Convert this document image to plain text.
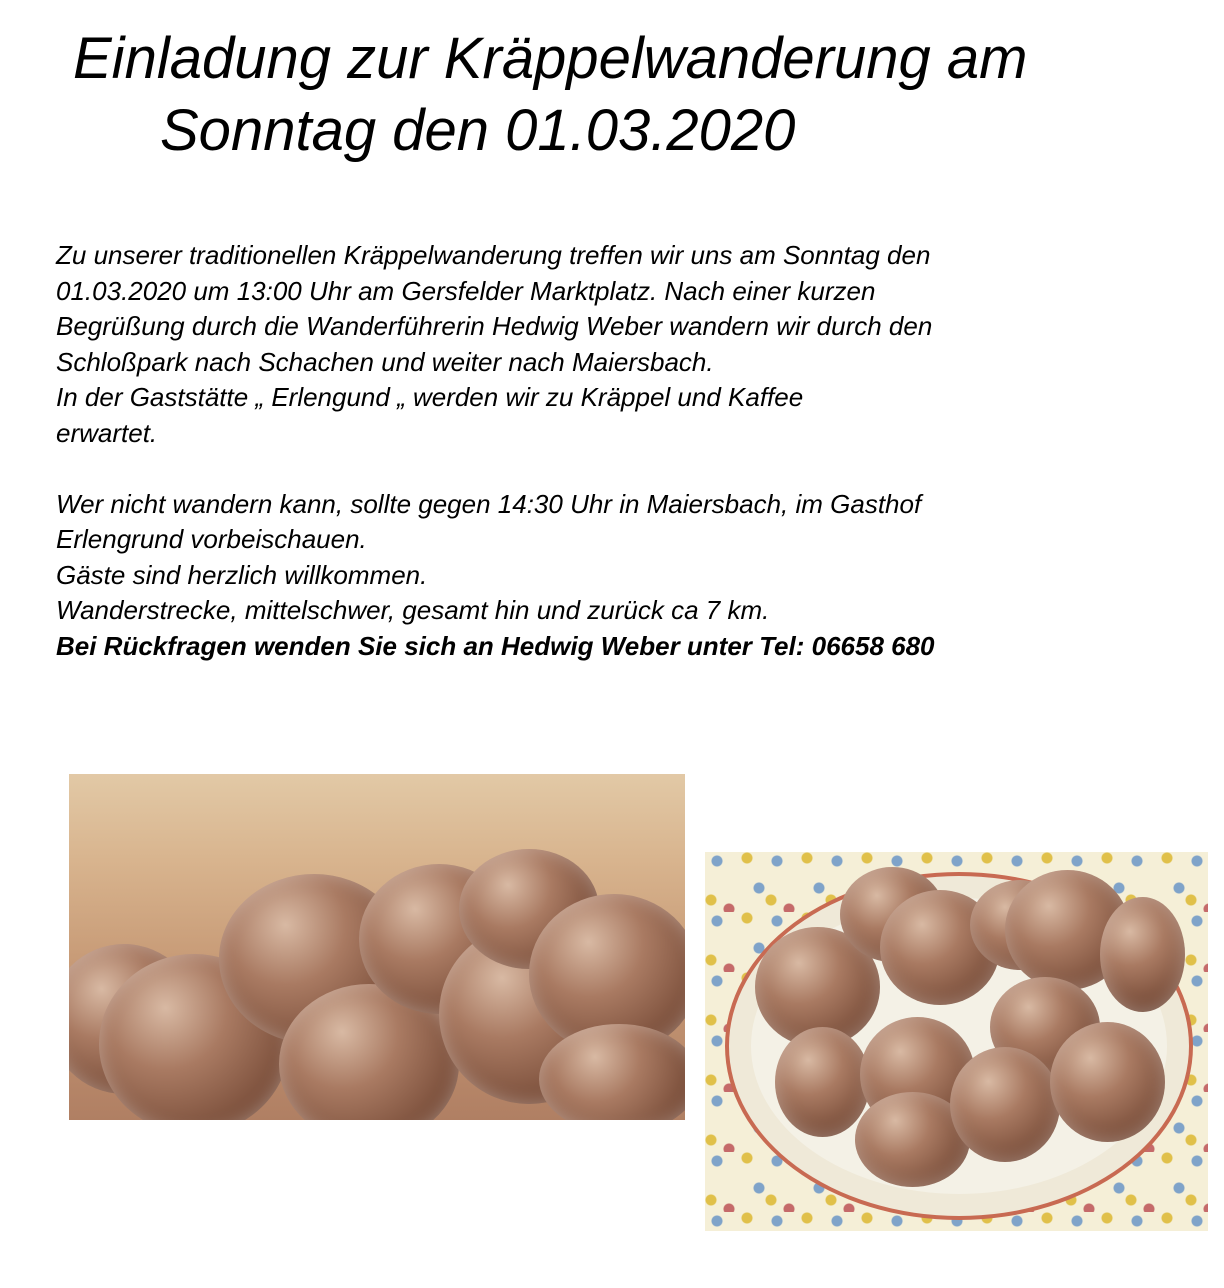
Einladung zur Kräppelwanderung am
Sonntag den 01.03.2020
Zu unserer traditionellen Kräppelwanderung treffen wir uns am Sonntag den
01.03.2020 um 13:00 Uhr am Gersfelder Marktplatz. Nach einer kurzen
Begrüßung durch die Wanderführerin Hedwig Weber wandern wir durch den
Schloßpark nach Schachen und weiter nach Maiersbach.
In der Gaststätte „ Erlengund „ werden wir zu Kräppel und Kaffee
erwartet.
Wer nicht wandern kann, sollte gegen 14:30 Uhr in Maiersbach, im Gasthof
Erlengrund vorbeischauen.
Gäste sind herzlich willkommen.
Wanderstrecke, mittelschwer, gesamt hin und zurück ca 7 km.
Bei Rückfragen wenden Sie sich an Hedwig Weber unter Tel: 06658 680
